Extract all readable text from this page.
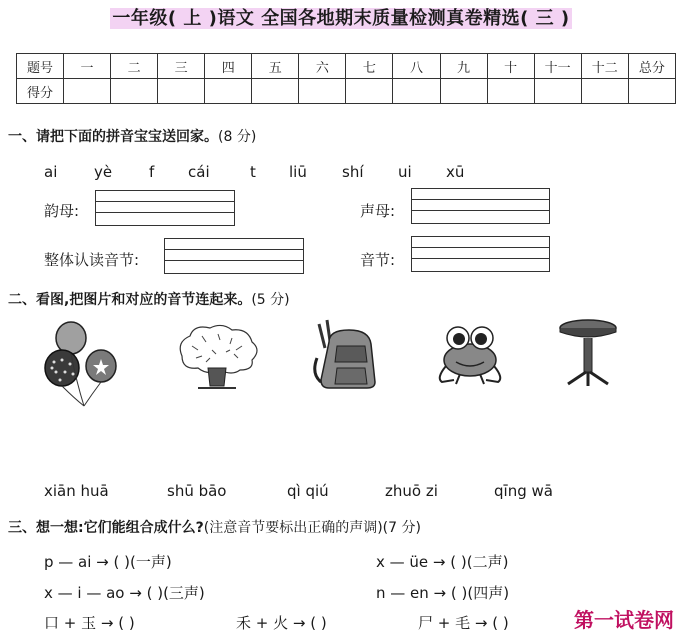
一年级( 上 )语文 全国各地期末质量检测真卷精选( 三 )
题号	一	二	三	四	五	六	七	八	九	十	十一	十二	总分
得分													
一、请把下面的拼音宝宝送回家。(8 分)
ai yè f cái	t liū shí ui xū
韵母:	声母:
整体认读音节:	音节:
二、看图,把图片和对应的音节连起来。(5 分)
xiān huā	shū bāo	qì qiú	zhuō zi	qīng wā
三、想一想:它们能组合成什么?(注意音节要标出正确的声调)(7 分)
p — ai → ( )(一声)	x — üe → ( )(二声)
x — i — ao → ( )(三声)	n — en → ( )(四声)
口 + 玉 → ( )	禾 + 火 → ( )	尸 + 毛 → ( )	第一试卷网
